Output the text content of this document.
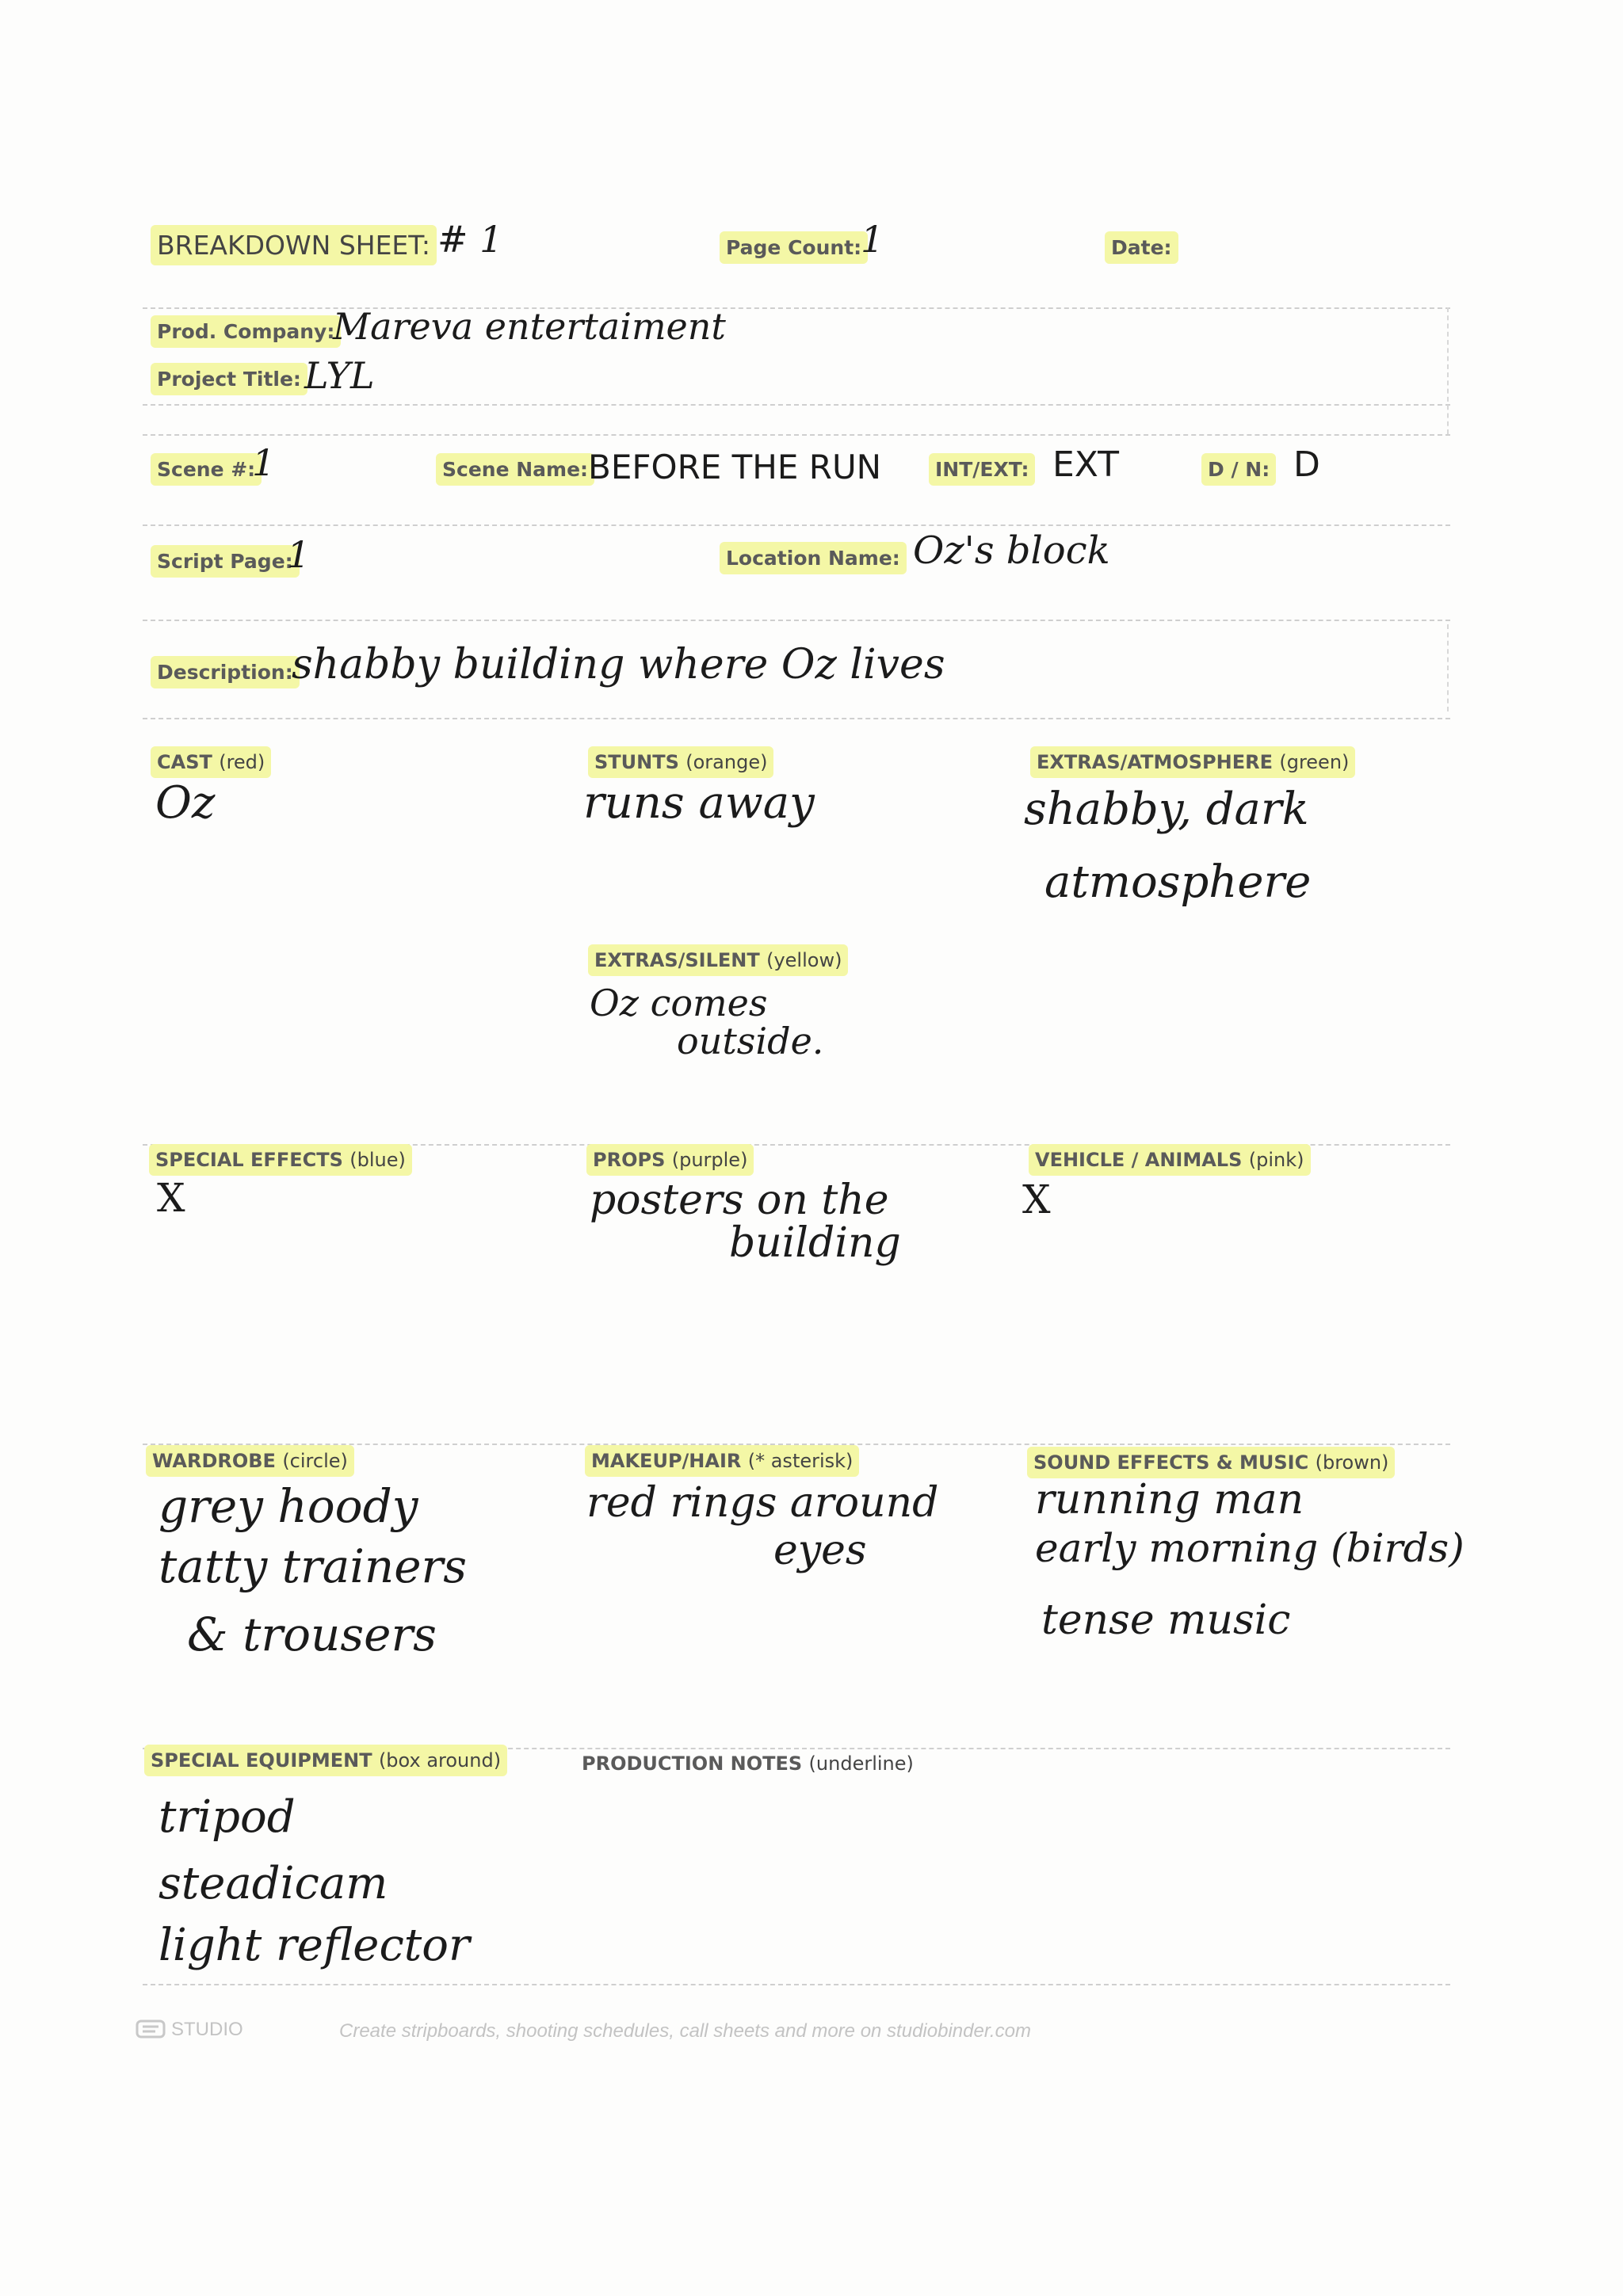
BREAKDOWN SHEET: # 1	Page Count:
1	Date:
Prod. Company:
Mareva entertaiment
Project Title: LYL
Scene #:
1	Scene Name: BEFORE THE RUN	INT/EXT: EXT	D / N: D
Script Page:
1	Location Name: Oz's block
Description:
shabby building where Oz lives
CAST (red)
Oz
STUNTS (orange)
runs away
EXTRAS/ATMOSPHERE (green)
shabby, dark
atmosphere
EXTRAS/SILENT (yellow)
Oz comes
outside.
SPECIAL EFFECTS (blue)
X
PROPS (purple)
posters on the
building
VEHICLE / ANIMALS (pink)
X
WARDROBE (circle)
grey hoody
tatty trainers
& trousers
MAKEUP/HAIR (* asterisk)
red rings around
eyes
SOUND EFFECTS & MUSIC (brown)
running man
early morning (birds)
tense music
SPECIAL EQUIPMENT (box around)
tripod
steadicam
light reflector
PRODUCTION NOTES (underline)
STUDIO	Create stripboards, shooting schedules, call sheets and more on studiobinder.com
